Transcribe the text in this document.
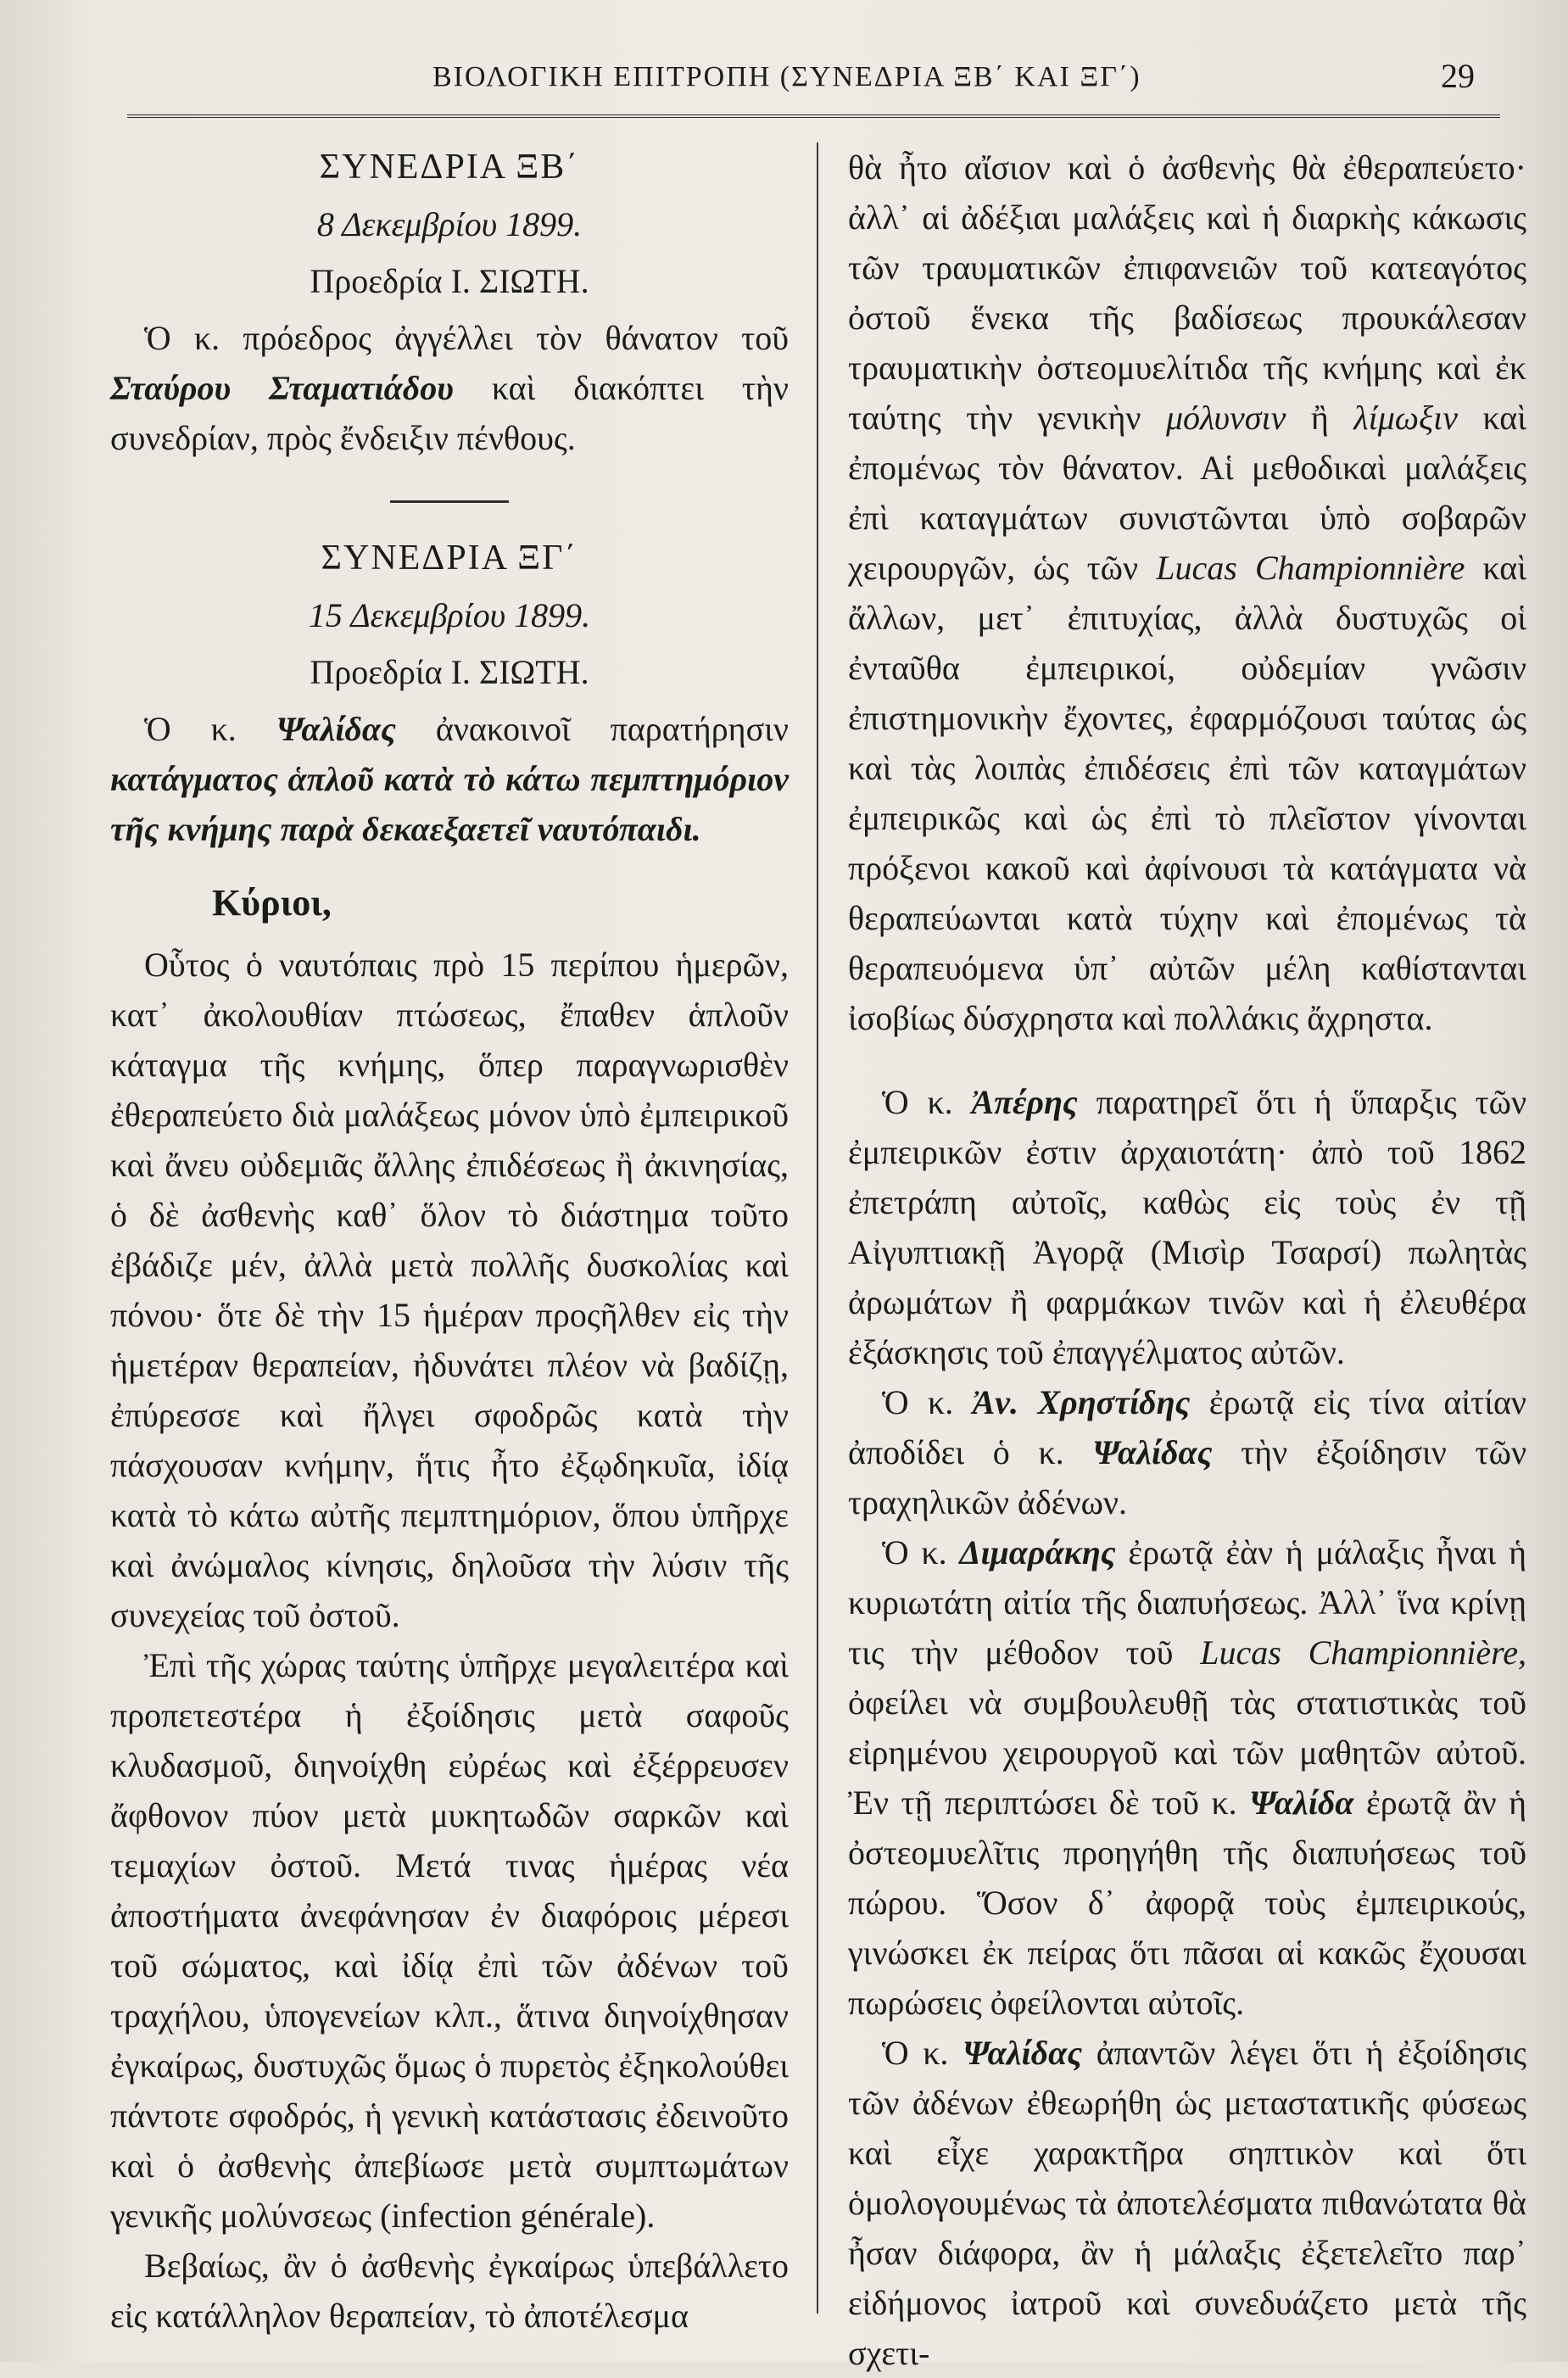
ΒΙΟΛΟΓΙΚΗ ΕΠΙΤΡΟΠΗ (ΣΥΝΕΔΡΙΑ ΞΒ΄ ΚΑΙ ΞΓ΄)	29
ΣΥΝΕΔΡΙΑ ΞΒ΄
8 Δεκεμβρίου 1899.
Προεδρία Ι. ΣΙΩΤΗ.

Ὁ κ. πρόεδρος ἀγγέλλει τὸν θάνατον τοῦ Σταύρου Σταματιάδου καὶ διακόπτει τὴν συνεδρίαν, πρὸς ἔνδειξιν πένθους.

ΣΥΝΕΔΡΙΑ ΞΓ΄
15 Δεκεμβρίου 1899.
Προεδρία Ι. ΣΙΩΤΗ.

Ὁ κ. Ψαλίδας ἀνακοινοῖ παρατήρησιν κατάγματος ἁπλοῦ κατὰ τὸ κάτω πεμπτημόριον τῆς κνήμης παρὰ δεκαεξαετεῖ ναυτόπαιδι.

Κύριοι,

Οὗτος ὁ ναυτόπαις πρὸ 15 περίπου ἡμερῶν, κατ᾽ ἀκολουθίαν πτώσεως, ἔπαθεν ἁπλοῦν κάταγμα τῆς κνήμης, ὅπερ παραγνωρισθὲν ἐθεραπεύετο διὰ μαλάξεως μόνον ὑπὸ ἐμπειρικοῦ καὶ ἄνευ οὐδεμιᾶς ἄλλης ἐπιδέσεως ἢ ἀκινησίας, ὁ δὲ ἀσθενὴς καθ᾽ ὅλον τὸ διάστημα τοῦτο ἐβάδιζε μέν, ἀλλὰ μετὰ πολλῆς δυσκολίας καὶ πόνου· ὅτε δὲ τὴν 15 ἡμέραν προςῆλθεν εἰς τὴν ἡμετέραν θεραπείαν, ἠδυνάτει πλέον νὰ βαδίζῃ, ἐπύρεσσε καὶ ἤλγει σφοδρῶς κατὰ τὴν πάσχουσαν κνήμην, ἥτις ἦτο ἐξῳδηκυῖα, ἰδίᾳ κατὰ τὸ κάτω αὐτῆς πεμπτημόριον, ὅπου ὑπῆρχε καὶ ἀνώμαλος κίνησις, δηλοῦσα τὴν λύσιν τῆς συνεχείας τοῦ ὀστοῦ.

Ἐπὶ τῆς χώρας ταύτης ὑπῆρχε μεγαλειτέρα καὶ προπετεστέρα ἡ ἐξοίδησις μετὰ σαφοῦς κλυδασμοῦ, διηνοίχθη εὐρέως καὶ ἐξέρρευσεν ἄφθονον πύον μετὰ μυκητωδῶν σαρκῶν καὶ τεμαχίων ὀστοῦ. Μετά τινας ἡμέρας νέα ἀποστήματα ἀνεφάνησαν ἐν διαφόροις μέρεσι τοῦ σώματος, καὶ ἰδίᾳ ἐπὶ τῶν ἀδένων τοῦ τραχήλου, ὑπογενείων κλπ., ἅτινα διηνοίχθησαν ἐγκαίρως, δυστυχῶς ὅμως ὁ πυρετὸς ἐξηκολούθει πάντοτε σφοδρός, ἡ γενικὴ κατάστασις ἐδεινοῦτο καὶ ὁ ἀσθενὴς ἀπεβίωσε μετὰ συμπτωμάτων γενικῆς μολύνσεως (infection générale).

Βεβαίως, ἂν ὁ ἀσθενὴς ἐγκαίρως ὑπεβάλλετο εἰς κατάλληλον θεραπείαν, τὸ ἀποτέλεσμα

θὰ ἦτο αἴσιον καὶ ὁ ἀσθενὴς θὰ ἐθεραπεύετο· ἀλλ᾽ αἱ ἀδέξιαι μαλάξεις καὶ ἡ διαρκὴς κάκωσις τῶν τραυματικῶν ἐπιφανειῶν τοῦ κατεαγότος ὀστοῦ ἕνεκα τῆς βαδίσεως προυκάλεσαν τραυματικὴν ὀστεομυελίτιδα τῆς κνήμης καὶ ἐκ ταύτης τὴν γενικὴν μόλυνσιν ἢ λίμωξιν καὶ ἐπομένως τὸν θάνατον. Αἱ μεθοδικαὶ μαλάξεις ἐπὶ καταγμάτων συνιστῶνται ὑπὸ σοβαρῶν χειρουργῶν, ὡς τῶν Lucas Championnière καὶ ἄλλων, μετ᾽ ἐπιτυχίας, ἀλλὰ δυστυχῶς οἱ ἐνταῦθα ἐμπειρικοί, οὐδεμίαν γνῶσιν ἐπιστημονικὴν ἔχοντες, ἐφαρμόζουσι ταύτας ὡς καὶ τὰς λοιπὰς ἐπιδέσεις ἐπὶ τῶν καταγμάτων ἐμπειρικῶς καὶ ὡς ἐπὶ τὸ πλεῖστον γίνονται πρόξενοι κακοῦ καὶ ἀφίνουσι τὰ κατάγματα νὰ θεραπεύωνται κατὰ τύχην καὶ ἐπομένως τὰ θεραπευόμενα ὑπ᾽ αὐτῶν μέλη καθίστανται ἰσοβίως δύσχρηστα καὶ πολλάκις ἄχρηστα.

Ὁ κ. Ἀπέρης παρατηρεῖ ὅτι ἡ ὕπαρξις τῶν ἐμπειρικῶν ἐστιν ἀρχαιοτάτη· ἀπὸ τοῦ 1862 ἐπετράπη αὐτοῖς, καθὼς εἰς τοὺς ἐν τῇ Αἰγυπτιακῇ Ἀγορᾷ (Μισὶρ Τσαρσί) πωλητὰς ἀρωμάτων ἢ φαρμάκων τινῶν καὶ ἡ ἐλευθέρα ἐξάσκησις τοῦ ἐπαγγέλματος αὐτῶν.

Ὁ κ. Ἀν. Χρηστίδης ἐρωτᾷ εἰς τίνα αἰτίαν ἀποδίδει ὁ κ. Ψαλίδας τὴν ἐξοίδησιν τῶν τραχηλικῶν ἀδένων.

Ὁ κ. Διμαράκης ἐρωτᾷ ἐὰν ἡ μάλαξις ἦναι ἡ κυριωτάτη αἰτία τῆς διαπυήσεως. Ἀλλ᾽ ἵνα κρίνῃ τις τὴν μέθοδον τοῦ Lucas Championnière, ὀφείλει νὰ συμβουλευθῇ τὰς στατιστικὰς τοῦ εἰρημένου χειρουργοῦ καὶ τῶν μαθητῶν αὐτοῦ. Ἐν τῇ περιπτώσει δὲ τοῦ κ. Ψαλίδα ἐρωτᾷ ἂν ἡ ὀστεομυελῖτις προηγήθη τῆς διαπυήσεως τοῦ πώρου. Ὅσον δ᾽ ἀφορᾷ τοὺς ἐμπειρικούς, γινώσκει ἐκ πείρας ὅτι πᾶσαι αἱ κακῶς ἔχουσαι πωρώσεις ὀφείλονται αὐτοῖς.

Ὁ κ. Ψαλίδας ἀπαντῶν λέγει ὅτι ἡ ἐξοίδησις τῶν ἀδένων ἐθεωρήθη ὡς μεταστατικῆς φύσεως καὶ εἶχε χαρακτῆρα σηπτικὸν καὶ ὅτι ὁμολογουμένως τὰ ἀποτελέσματα πιθανώτατα θὰ ἦσαν διάφορα, ἂν ἡ μάλαξις ἐξετελεῖτο παρ᾽ εἰδήμονος ἰατροῦ καὶ συνεδυάζετο μετὰ τῆς σχετι-
